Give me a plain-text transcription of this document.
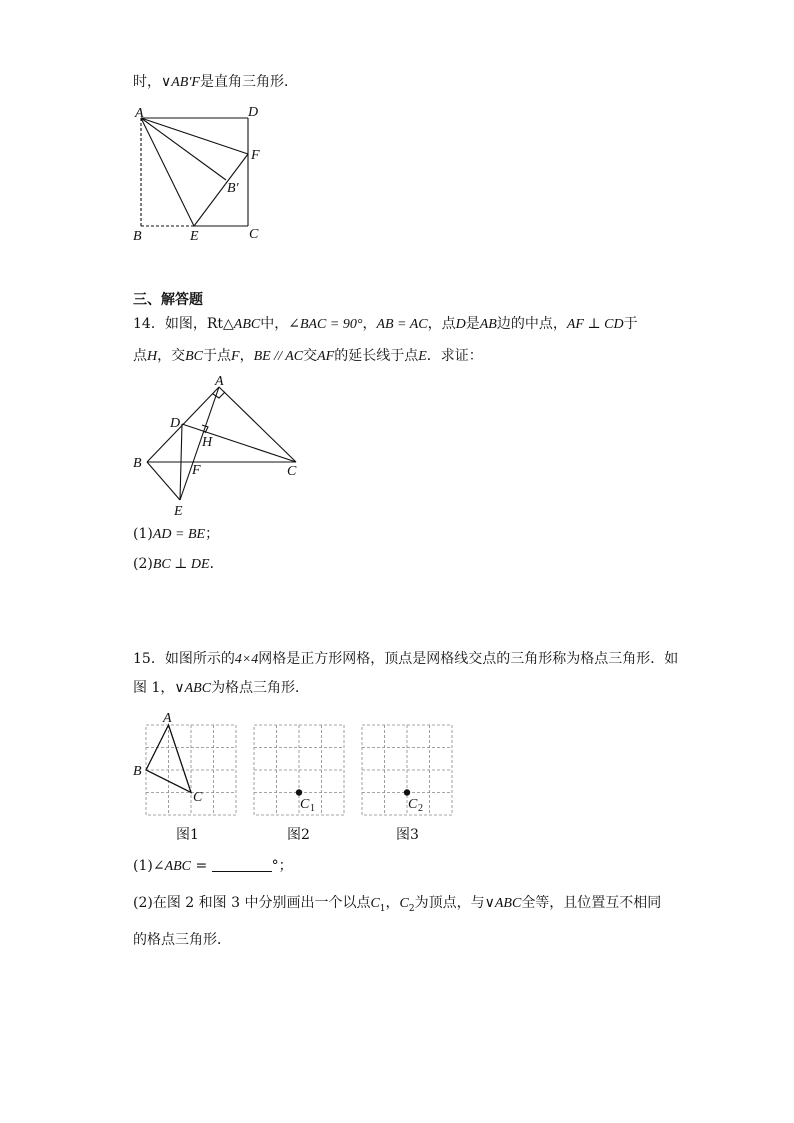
时，∨AB′F是直角三角形．
A	D
F
B′
B	E	C
三、解答题
14．如图，Rt△ABC中，∠BAC = 90°，AB = AC，点D是AB边的中点，AF ⊥ CD于
点H，交BC于点F，BE // AC交AF的延长线于点E．求证：
A
D
H
B	F	C
E
(1)AD = BE；
(2)BC ⊥ DE．
15．如图所示的4×4网格是正方形网格，顶点是网格线交点的三角形称为格点三角形．如
图 1，∨ABC为格点三角形．
A
B
C	C 1	C 2
图1	图2	图3
(1)∠ABC =	°；
(2)在图 2 和图 3 中分别画出一个以点$C_1$，$C_2$为顶点，与∨ABC全等，且位置互不相同
的格点三角形．
